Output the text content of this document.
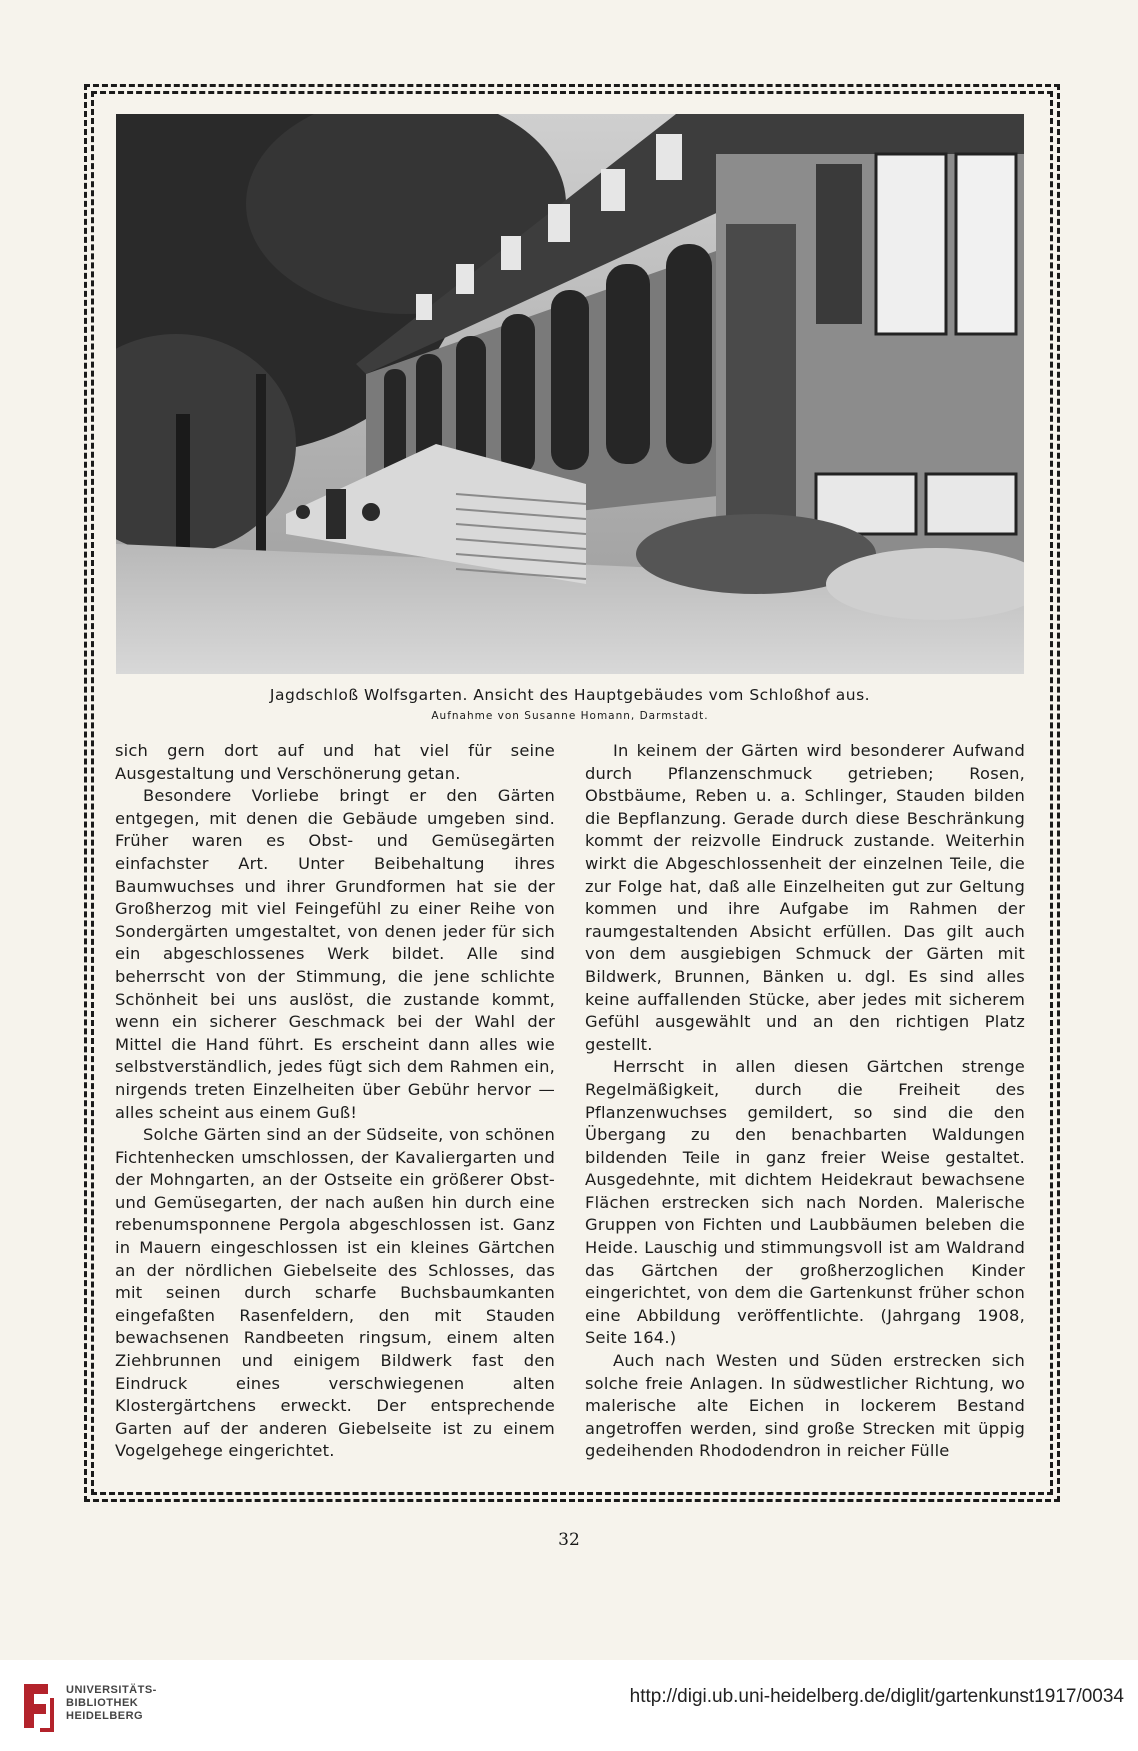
Jagdschloß Wolfsgarten. Ansicht des Hauptgebäudes vom Schloßhof aus.
Aufnahme von Susanne Homann, Darmstadt.

sich gern dort auf und hat viel für seine Ausgestaltung und Verschönerung getan.

Besondere Vorliebe bringt er den Gärten entgegen, mit denen die Gebäude umgeben sind. Früher waren es Obst- und Gemüsegärten einfachster Art. Unter Beibehaltung ihres Baumwuchses und ihrer Grundformen hat sie der Großherzog mit viel Feingefühl zu einer Reihe von Sondergärten umgestaltet, von denen jeder für sich ein abgeschlossenes Werk bildet. Alle sind beherrscht von der Stimmung, die jene schlichte Schönheit bei uns auslöst, die zustande kommt, wenn ein sicherer Geschmack bei der Wahl der Mittel die Hand führt. Es erscheint dann alles wie selbstverständlich, jedes fügt sich dem Rahmen ein, nirgends treten Einzelheiten über Gebühr hervor — alles scheint aus einem Guß!

Solche Gärten sind an der Südseite, von schönen Fichtenhecken umschlossen, der Kavaliergarten und der Mohngarten, an der Ostseite ein größerer Obst- und Gemüsegarten, der nach außen hin durch eine rebenumsponnene Pergola abgeschlossen ist. Ganz in Mauern eingeschlossen ist ein kleines Gärtchen an der nördlichen Giebelseite des Schlosses, das mit seinen durch scharfe Buchsbaumkanten eingefaßten Rasenfeldern, den mit Stauden bewachsenen Randbeeten ringsum, einem alten Ziehbrunnen und einigem Bildwerk fast den Eindruck eines verschwiegenen alten Klostergärtchens erweckt. Der entsprechende Garten auf der anderen Giebelseite ist zu einem Vogelgehege eingerichtet.

In keinem der Gärten wird besonderer Aufwand durch Pflanzenschmuck getrieben; Rosen, Obstbäume, Reben u. a. Schlinger, Stauden bilden die Bepflanzung. Gerade durch diese Beschränkung kommt der reizvolle Eindruck zustande. Weiterhin wirkt die Abgeschlossenheit der einzelnen Teile, die zur Folge hat, daß alle Einzelheiten gut zur Geltung kommen und ihre Aufgabe im Rahmen der raumgestaltenden Absicht erfüllen. Das gilt auch von dem ausgiebigen Schmuck der Gärten mit Bildwerk, Brunnen, Bänken u. dgl. Es sind alles keine auffallenden Stücke, aber jedes mit sicherem Gefühl ausgewählt und an den richtigen Platz gestellt.

Herrscht in allen diesen Gärtchen strenge Regelmäßigkeit, durch die Freiheit des Pflanzenwuchses gemildert, so sind die den Übergang zu den benachbarten Waldungen bildenden Teile in ganz freier Weise gestaltet. Ausgedehnte, mit dichtem Heidekraut bewachsene Flächen erstrecken sich nach Norden. Malerische Gruppen von Fichten und Laubbäumen beleben die Heide. Lauschig und stimmungsvoll ist am Waldrand das Gärtchen der großherzoglichen Kinder eingerichtet, von dem die Gartenkunst früher schon eine Abbildung veröffentlichte. (Jahrgang 1908, Seite 164.)

Auch nach Westen und Süden erstrecken sich solche freie Anlagen. In südwestlicher Richtung, wo malerische alte Eichen in lockerem Bestand angetroffen werden, sind große Strecken mit üppig gedeihenden Rhododendron in reicher Fülle

32
UNIVERSITÄTS-
BIBLIOTHEK
HEIDELBERG
http://digi.ub.uni-heidelberg.de/diglit/gartenkunst1917/0034
